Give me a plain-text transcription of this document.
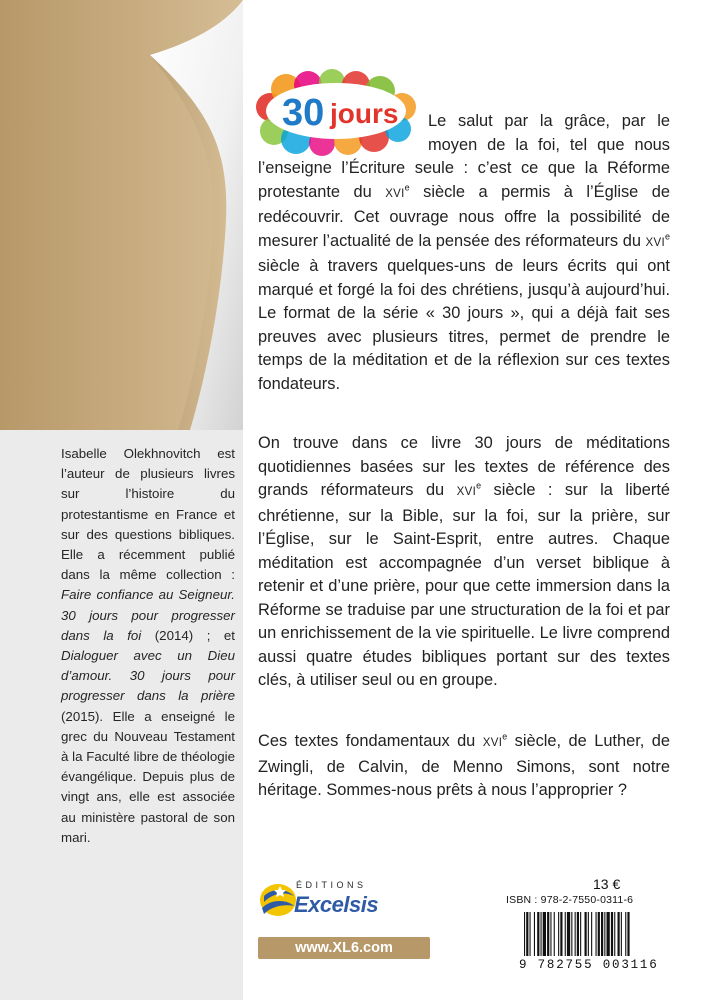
30 jours	Le salut par la grâce, par le moyen de la foi, tel que nous l’enseigne l’Écriture seule : c’est ce que la Réforme protestante du XVIe siècle a permis à l’Église de redécouvrir. Cet ouvrage nous offre la possibilité de mesurer l’actualité de la pensée des réformateurs du XVIe siècle à travers quelques-uns de leurs écrits qui ont marqué et forgé la foi des chrétiens, jusqu’à aujourd’hui. Le format de la série « 30 jours », qui a déjà fait ses preuves avec plusieurs titres, permet de prendre le temps de la méditation et de la réflexion sur ces textes fondateurs.

On trouve dans ce livre 30 jours de méditations quotidiennes basées sur les textes de référence des grands réformateurs du XVIe siècle : sur la liberté chrétienne, sur la Bible, sur la foi, sur la prière, sur l’Église, sur le Saint-Esprit, entre autres. Chaque méditation est accompagnée d’un verset biblique à retenir et d’une prière, pour que cette immersion dans la Réforme se traduise par une structuration de la foi et par un enrichissement de la vie spirituelle. Le livre comprend aussi quatre études bibliques portant sur des textes clés, à utiliser seul ou en groupe.

Ces textes fondamentaux du XVIe siècle, de Luther, de Zwingli, de Calvin, de Menno Simons, sont notre héritage. Sommes-nous prêts à nous l’approprier ?

Isabelle Olekhnovitch est l’auteur de plusieurs livres sur l’histoire du protestantisme en France et sur des questions bibliques. Elle a récemment publié dans la même collection : Faire confiance au Seigneur. 30 jours pour progresser dans la foi (2014) ; et Dialoguer avec un Dieu d’amour. 30 jours pour progresser dans la prière (2015). Elle a enseigné le grec du Nouveau Testament à la Faculté libre de théologie évangélique. Depuis plus de vingt ans, elle est associée au ministère pastoral de son mari.

ÉDITIONS
Excelsis
www.XL6.com
13 €
ISBN : 978-2-7550-0311-6
9 782755 003116
